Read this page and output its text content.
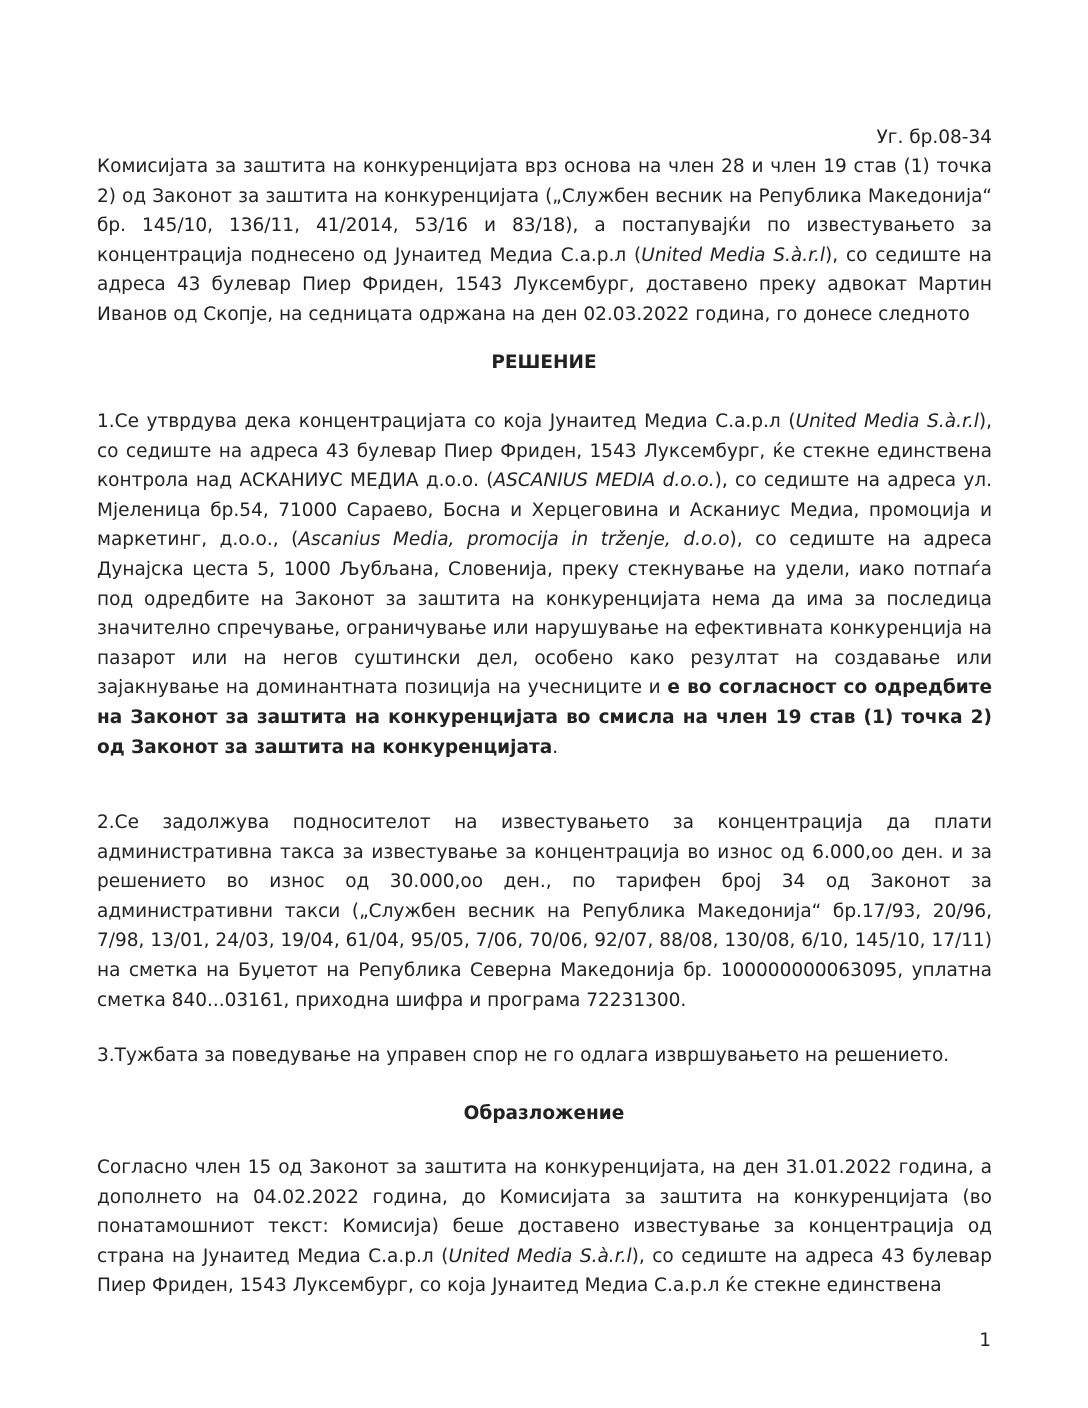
Уг. бр.08-34

Комисијата за заштита на конкуренцијата врз основа на член 28 и член 19 став (1) точка 2) од Законот за заштита на конкуренцијата („Службен весник на Република Македонија“ бр. 145/10, 136/11, 41/2014, 53/16 и 83/18), а постапувајќи по известувањето за концентрација поднесено од Јунаитед Медиа С.а.р.л (United Media S.à.r.l), со седиште на адреса 43 булевар Пиер Фриден, 1543 Луксембург, доставено преку адвокат Мартин Иванов од Скопје, на седницата одржана на ден 02.03.2022 година, го донесе следното

РЕШЕНИЕ

1.Се утврдува дека концентрацијата со која Јунаитед Медиа С.а.р.л (United Media S.à.r.l), со седиште на адреса 43 булевар Пиер Фриден, 1543 Луксембург, ќе стекне единствена контрола над АСКАНИУС МЕДИА д.о.о. (ASCANIUS MEDIA d.o.o.), со седиште на адреса ул. Мјеленица бр.54, 71000 Сараево, Босна и Херцеговина и Асканиус Медиа, промоција и маркетинг, д.о.о., (Ascanius Media, promocija in trženje, d.o.o), со седиште на адреса Дунајска цеста 5, 1000 Љубљана, Словенија, преку стекнување на удели, иако потпаѓа под одредбите на Законот за заштита на конкуренцијата нема да има за последица значително спречување, ограничување или нарушување на ефективната конкуренција на пазарот или на негов суштински дел, особено како резултат на создавање или зајакнување на доминантната позиција на учесниците и е во согласност со одредбите на Законот за заштита на конкуренцијата во смисла на член 19 став (1) точка 2) од Законот за заштита на конкуренцијата.

2.Се задолжува подносителот на известувањето за концентрација да плати административна такса за известување за концентрација во износ од 6.000,оо ден. и за решението во износ од 30.000,оо ден., по тарифен број 34 од Законот за административни такси („Службен весник на Република Македонија“ бр.17/93, 20/96, 7/98, 13/01, 24/03, 19/04, 61/04, 95/05, 7/06, 70/06, 92/07, 88/08, 130/08, 6/10, 145/10, 17/11) на сметка на Буџетот на Република Северна Македонија бр. 100000000063095, уплатна сметка 840...03161, приходна шифра и програма 72231300.

3.Тужбата за поведување на управен спор не го одлага извршувањето на решението.

Образложение

Согласно член 15 од Законот за заштита на конкуренцијата, на ден 31.01.2022 година, а дополнето на 04.02.2022 година, до Комисијата за заштита на конкуренцијата (во понатамошниот текст: Комисија) беше доставено известување за концентрација од страна на Јунаитед Медиа С.а.р.л (United Media S.à.r.l), со седиште на адреса 43 булевар Пиер Фриден, 1543 Луксембург, со која Јунаитед Медиа С.а.р.л ќе стекне единствена

1
